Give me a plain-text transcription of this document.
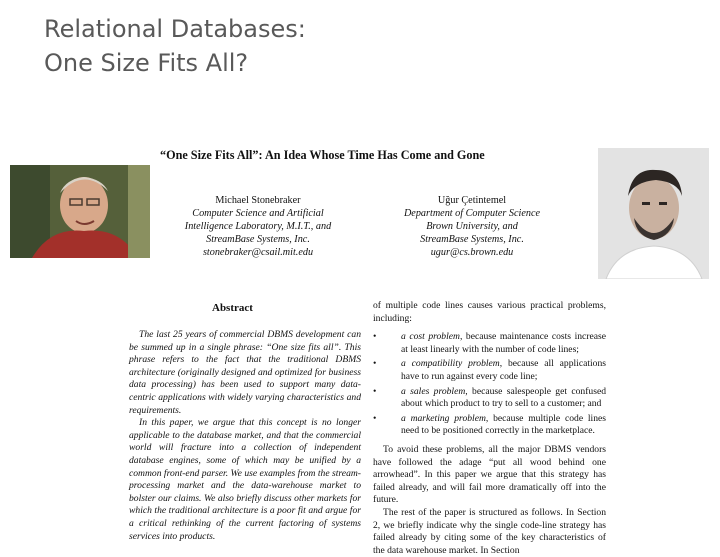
Relational Databases:
One Size Fits All?
“One Size Fits All”: An Idea Whose Time Has Come and Gone
Michael Stonebraker
Computer Science and Artificial
Intelligence Laboratory, M.I.T., and
StreamBase Systems, Inc.
stonebraker@csail.mit.edu
Uğur Çetintemel
Department of Computer Science
Brown University, and
StreamBase Systems, Inc.
ugur@cs.brown.edu
Abstract

The last 25 years of commercial DBMS development can be summed up in a single phrase: “One size fits all”. This phrase refers to the fact that the traditional DBMS architecture (originally designed and optimized for business data processing) has been used to support many data-centric applications with widely varying characteristics and requirements.

In this paper, we argue that this concept is no longer applicable to the database market, and that the commercial world will fracture into a collection of independent database engines, some of which may be unified by a common front-end parser. We use examples from the stream-processing market and the data-warehouse market to bolster our claims. We also briefly discuss other markets for which the traditional architecture is a poor fit and argue for a critical rethinking of the current factoring of systems services into products.

of multiple code lines causes various practical problems, including:

•	a cost problem, because maintenance costs increase at least linearly with the number of code lines;
•	a compatibility problem, because all applications have to run against every code line;
•	a sales problem, because salespeople get confused about which product to try to sell to a customer; and
•	a marketing problem, because multiple code lines need to be positioned correctly in the marketplace.

To avoid these problems, all the major DBMS vendors have followed the adage “put all wood behind one arrowhead”. In this paper we argue that this strategy has failed already, and will fail more dramatically off into the future.

The rest of the paper is structured as follows. In Section 2, we briefly indicate why the single code-line strategy has failed already by citing some of the key characteristics of the data warehouse market. In Section
